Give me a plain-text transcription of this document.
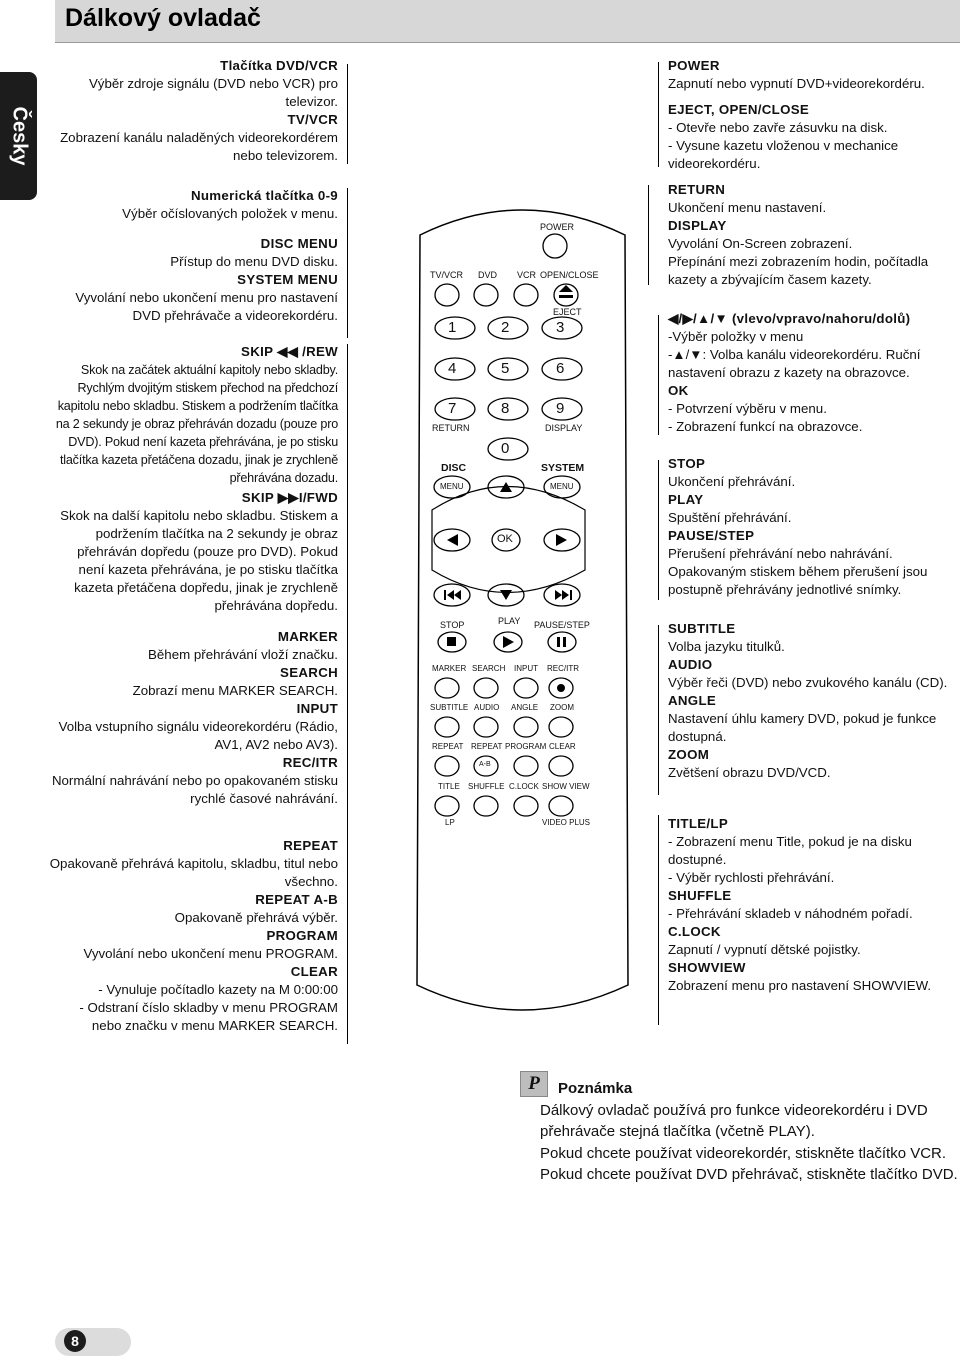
Dálkový ovladač
Česky
Tlačítka DVD/VCR
Výběr zdroje signálu (DVD nebo VCR) pro televizor.
TV/VCR
Zobrazení kanálu naladěných videorekordérem nebo televizorem.
Numerická tlačítka 0-9
Výběr očíslovaných položek v menu.
DISC MENU
Přístup do menu DVD disku.
SYSTEM MENU
Vyvolání nebo ukončení menu pro nastavení DVD přehrávače a videorekordéru.
SKIP ◀◀ /REW
Skok na začátek aktuální kapitoly nebo skladby.
Rychlým dvojitým stiskem přechod na předchozí kapitolu nebo skladbu. Stiskem a podržením tlačítka na 2 sekundy je obraz přehráván dozadu (pouze pro DVD). Pokud není kazeta přehrávána, je po stisku tlačítka kazeta přetáčena dozadu, jinak je zrychleně přehrávána dozadu.
SKIP ▶▶I/FWD
Skok na další kapitolu nebo skladbu. Stiskem a podržením tlačítka na 2 sekundy je obraz přehráván dopředu (pouze pro DVD). Pokud není kazeta přehrávána, je po stisku tlačítka kazeta přetáčena dopředu, jinak je zrychleně přehrávána dopředu.
MARKER
Během přehrávání vloží značku.
SEARCH
Zobrazí menu MARKER SEARCH.
INPUT
Volba vstupního signálu videorekordéru (Rádio, AV1, AV2 nebo AV3).
REC/ITR
Normální nahrávání nebo po opakovaném stisku rychlé časové nahrávání.
REPEAT
Opakovaně přehrává kapitolu, skladbu, titul nebo všechno.
REPEAT A-B
Opakovaně přehrává výběr.
PROGRAM
Vyvolání nebo ukončení menu PROGRAM.
CLEAR
- Vynuluje počítadlo kazety na M 0:00:00
- Odstraní číslo skladby v menu PROGRAM nebo značku v menu MARKER SEARCH.
POWER
Zapnutí nebo vypnutí DVD+videorekordéru.
EJECT, OPEN/CLOSE
- Otevře nebo zavře zásuvku na disk.
- Vysune kazetu vloženou v mechanice videorekordéru.
RETURN
Ukončení menu nastavení.
DISPLAY
Vyvolání On-Screen zobrazení.
Přepínání mezi zobrazením hodin, počítadla kazety a zbývajícím časem kazety.
◀/▶/▲/▼ (vlevo/vpravo/nahoru/dolů)
-Výběr položky v menu
-▲/▼: Volba kanálu videorekordéru. Ruční nastavení obrazu z kazety na obrazovce.
OK
- Potvrzení výběru v menu.
- Zobrazení funkcí na obrazovce.
STOP
Ukončení přehrávání.
PLAY
Spuštění přehrávání.
PAUSE/STEP
Přerušení přehrávání nebo nahrávání.
Opakovaným stiskem během přerušení jsou postupně přehrávány jednotlivé snímky.
SUBTITLE
Volba jazyku titulků.
AUDIO
Výběr řeči (DVD) nebo zvukového kanálu (CD).
ANGLE
Nastavení úhlu kamery DVD, pokud je funkce dostupná.
ZOOM
Zvětšení obrazu DVD/VCD.
TITLE/LP
- Zobrazení menu Title, pokud je na disku dostupné.
- Výběr rychlosti přehrávání.
SHUFFLE
- Přehrávání skladeb v náhodném pořadí.
C.LOCK
Zapnutí / vypnutí dětské pojistky.
SHOWVIEW
Zobrazení menu pro nastavení SHOWVIEW.
POWER
TV/VCR DVD VCR OPEN/CLOSE
EJECT
1	2	3
4	5	6
7	8	9
RETURN	DISPLAY
0
DISC	SYSTEM
MENU	MENU
OK
STOP	PLAY PAUSE/STEP
MARKER SEARCH INPUT REC/ITR
SUBTITLE AUDIO ANGLE ZOOM
REPEAT REPEAT PROGRAM CLEAR
A-B
TITLE SHUFFLE C.LOCK SHOW VIEW
LP	VIDEO PLUS
P	Poznámka
Dálkový ovladač používá pro funkce videorekordéru i DVD přehrávače stejná tlačítka (včetně PLAY).
Pokud chcete používat videorekordér, stiskněte tlačítko VCR.
Pokud chcete používat DVD přehrávač, stiskněte tlačítko DVD.
8
